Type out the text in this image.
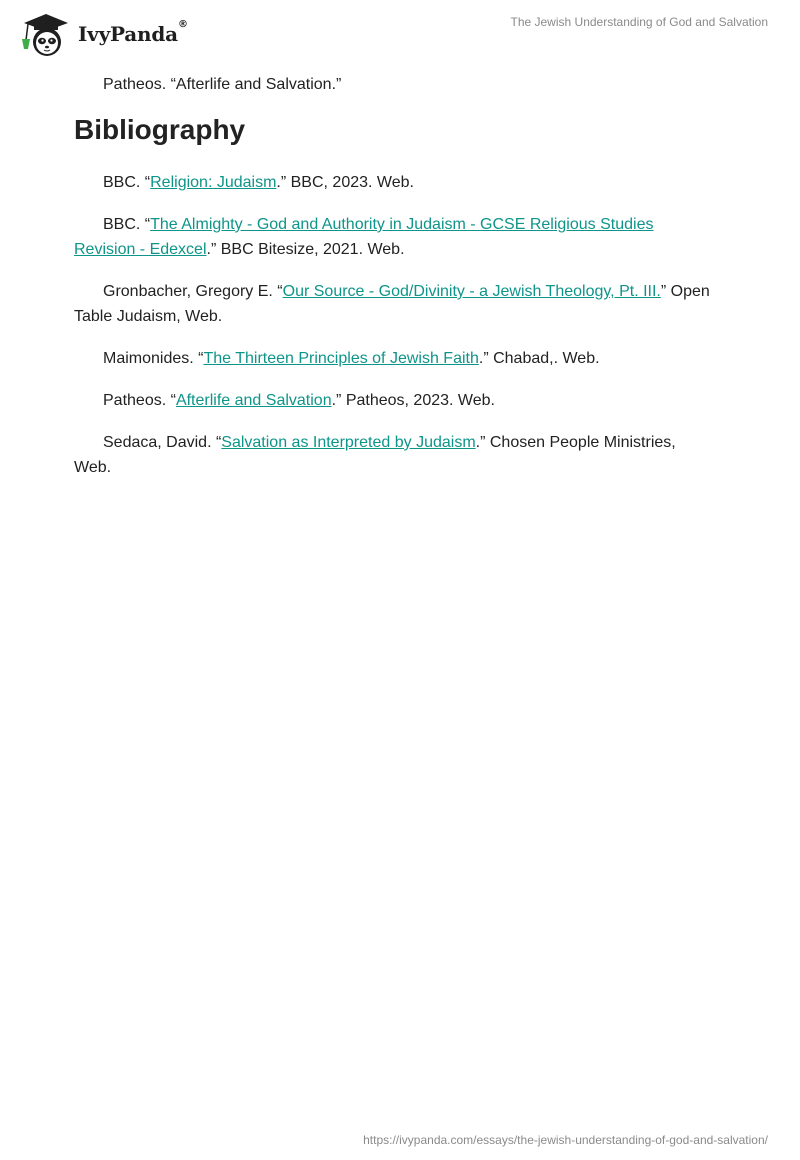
IvyPanda®	The Jewish Understanding of God and Salvation

Patheos. “Afterlife and Salvation.”

Bibliography

BBC. “Religion: Judaism.” BBC, 2023. Web.

BBC. “The Almighty - God and Authority in Judaism - GCSE Religious Studies Revision - Edexcel.” BBC Bitesize, 2021. Web.

Gronbacher, Gregory E. “Our Source - God/Divinity - a Jewish Theology, Pt. III.” Open Table Judaism, Web.

Maimonides. “The Thirteen Principles of Jewish Faith.” Chabad,. Web.

Patheos. “Afterlife and Salvation.” Patheos, 2023. Web.

Sedaca, David. “Salvation as Interpreted by Judaism.” Chosen People Ministries, Web.

https://ivypanda.com/essays/the-jewish-understanding-of-god-and-salvation/
